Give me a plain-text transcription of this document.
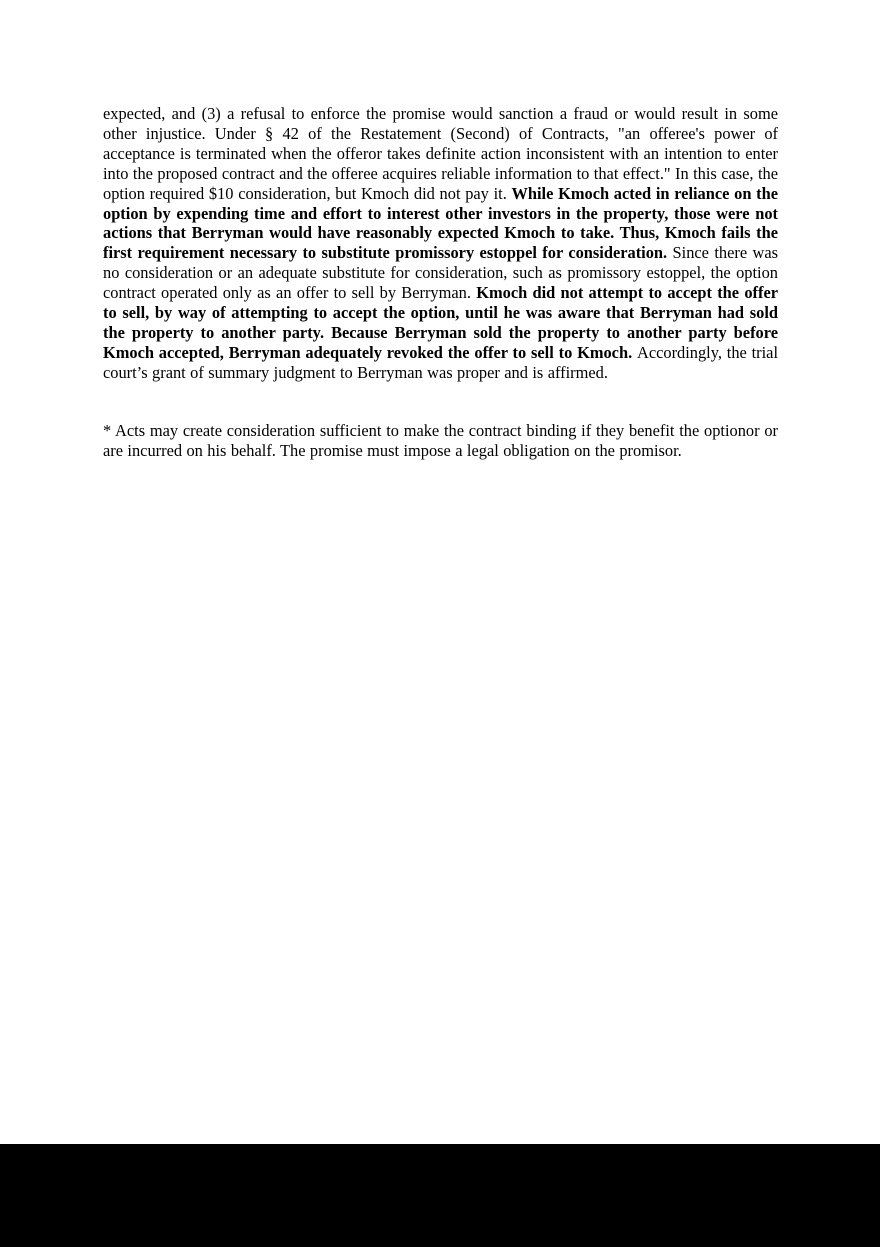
expected, and (3) a refusal to enforce the promise would sanction a fraud or would result in some other injustice. Under § 42 of the Restatement (Second) of Contracts, "an offeree's power of acceptance is terminated when the offeror takes definite action inconsistent with an intention to enter into the proposed contract and the offeree acquires reliable information to that effect." In this case, the option required $10 consideration, but Kmoch did not pay it. While Kmoch acted in reliance on the option by expending time and effort to interest other investors in the property, those were not actions that Berryman would have reasonably expected Kmoch to take. Thus, Kmoch fails the first requirement necessary to substitute promissory estoppel for consideration. Since there was no consideration or an adequate substitute for consideration, such as promissory estoppel, the option contract operated only as an offer to sell by Berryman. Kmoch did not attempt to accept the offer to sell, by way of attempting to accept the option, until he was aware that Berryman had sold the property to another party. Because Berryman sold the property to another party before Kmoch accepted, Berryman adequately revoked the offer to sell to Kmoch. Accordingly, the trial court’s grant of summary judgment to Berryman was proper and is affirmed.

* Acts may create consideration sufficient to make the contract binding if they benefit the optionor or are incurred on his behalf. The promise must impose a legal obligation on the promisor.
